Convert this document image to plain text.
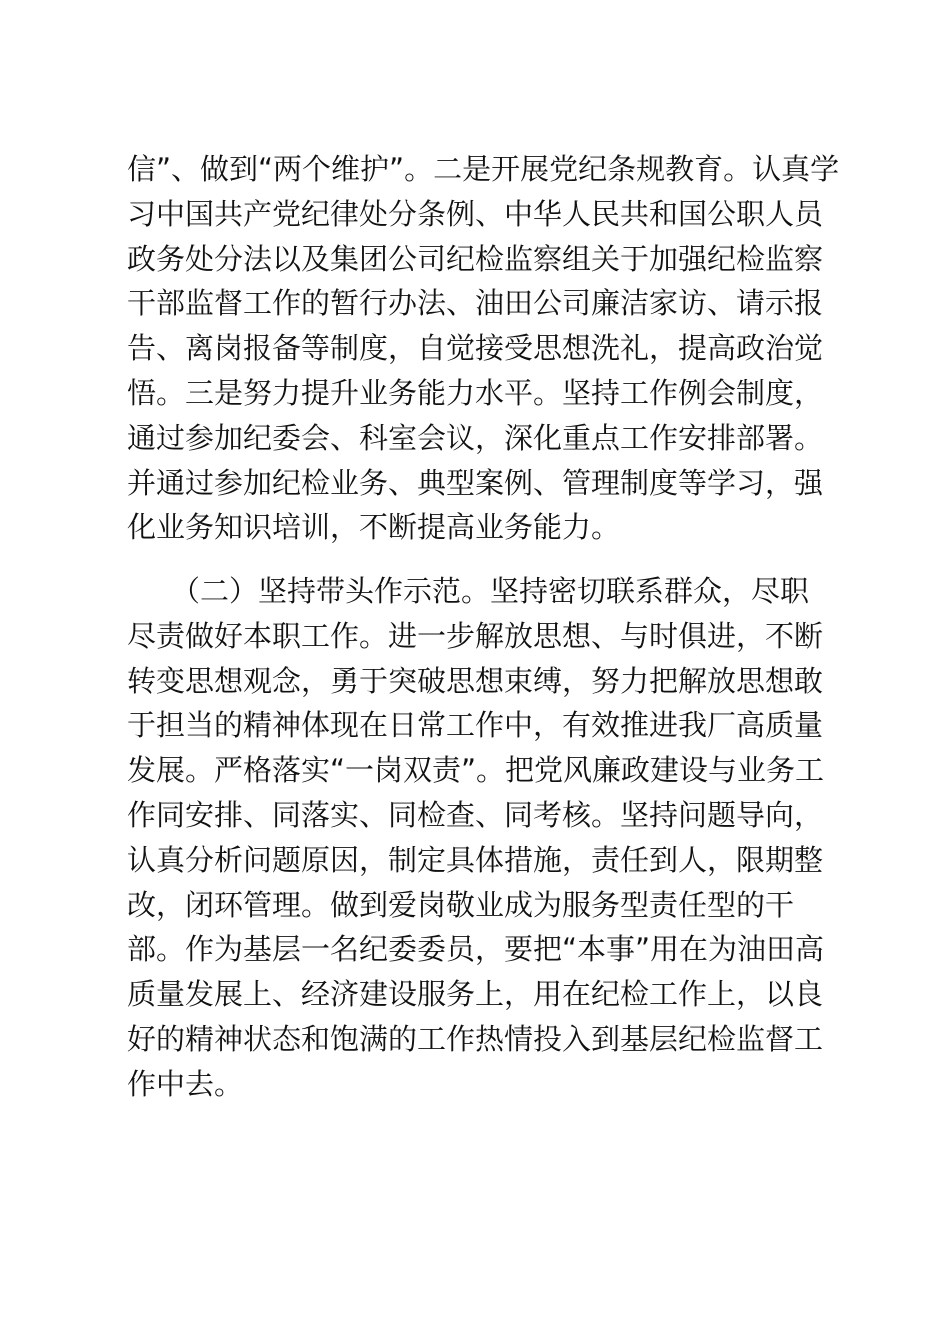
信”、做到“两个维护”。二是开展党纪条规教育。认真学
习中国共产党纪律处分条例、中华人民共和国公职人员
政务处分法以及集团公司纪检监察组关于加强纪检监察
干部监督工作的暂行办法、油田公司廉洁家访、请示报
告、离岗报备等制度，自觉接受思想洗礼，提高政治觉
悟。三是努力提升业务能力水平。坚持工作例会制度，
通过参加纪委会、科室会议，深化重点工作安排部署。
并通过参加纪检业务、典型案例、管理制度等学习，强
化业务知识培训，不断提高业务能力。
（二）坚持带头作示范。坚持密切联系群众，尽职
尽责做好本职工作。进一步解放思想、与时俱进，不断
转变思想观念，勇于突破思想束缚，努力把解放思想敢
于担当的精神体现在日常工作中，有效推进我厂高质量
发展。严格落实“一岗双责”。把党风廉政建设与业务工
作同安排、同落实、同检查、同考核。坚持问题导向，
认真分析问题原因，制定具体措施，责任到人，限期整
改，闭环管理。做到爱岗敬业成为服务型责任型的干
部。作为基层一名纪委委员，要把“本事”用在为油田高
质量发展上、经济建设服务上，用在纪检工作上，以良
好的精神状态和饱满的工作热情投入到基层纪检监督工
作中去。
